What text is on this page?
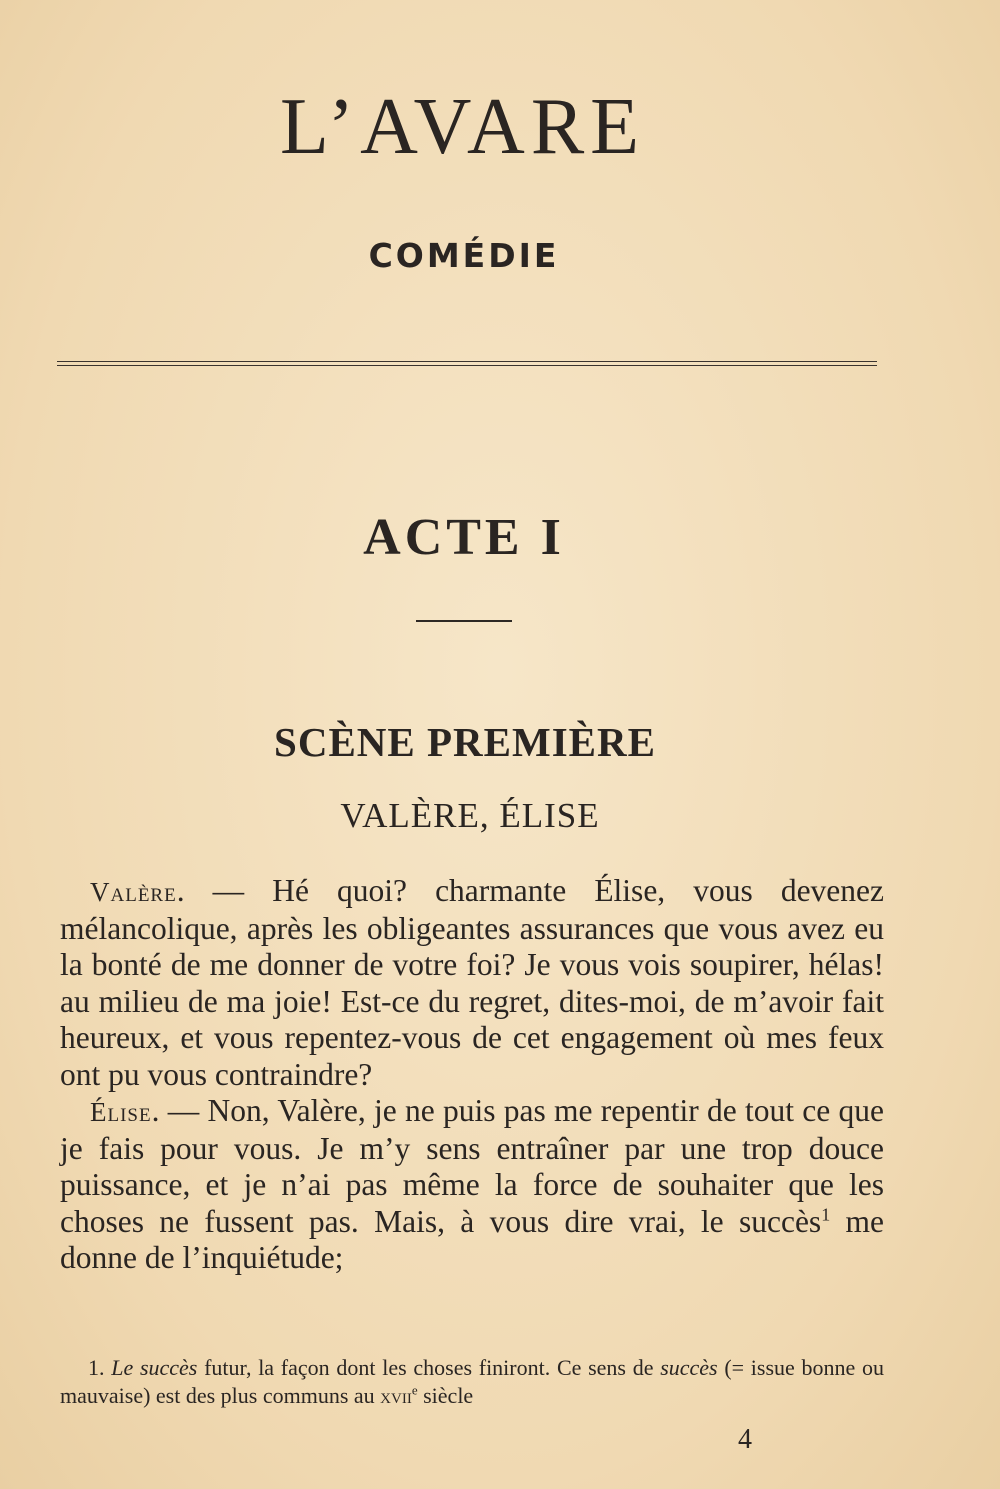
L’AVARE
COMÉDIE
ACTE I
SCÈNE PREMIÈRE
VALÈRE, ÉLISE

Valère. — Hé quoi? charmante Élise, vous devenez mélancolique, après les obligeantes assurances que vous avez eu la bonté de me donner de votre foi? Je vous vois soupirer, hélas! au milieu de ma joie! Est-ce du regret, dites-moi, de m’avoir fait heureux, et vous repentez-vous de cet engagement où mes feux ont pu vous contraindre?

Élise. — Non, Valère, je ne puis pas me repentir de tout ce que je fais pour vous. Je m’y sens entraîner par une trop douce puissance, et je n’ai pas même la force de souhaiter que les choses ne fussent pas. Mais, à vous dire vrai, le succès$^1$ me donne de l’inquiétude;

1. Le succès futur, la façon dont les choses finiront. Ce sens de succès (= issue bonne ou mauvaise) est des plus communs au xvii$^e$ siècle

4
